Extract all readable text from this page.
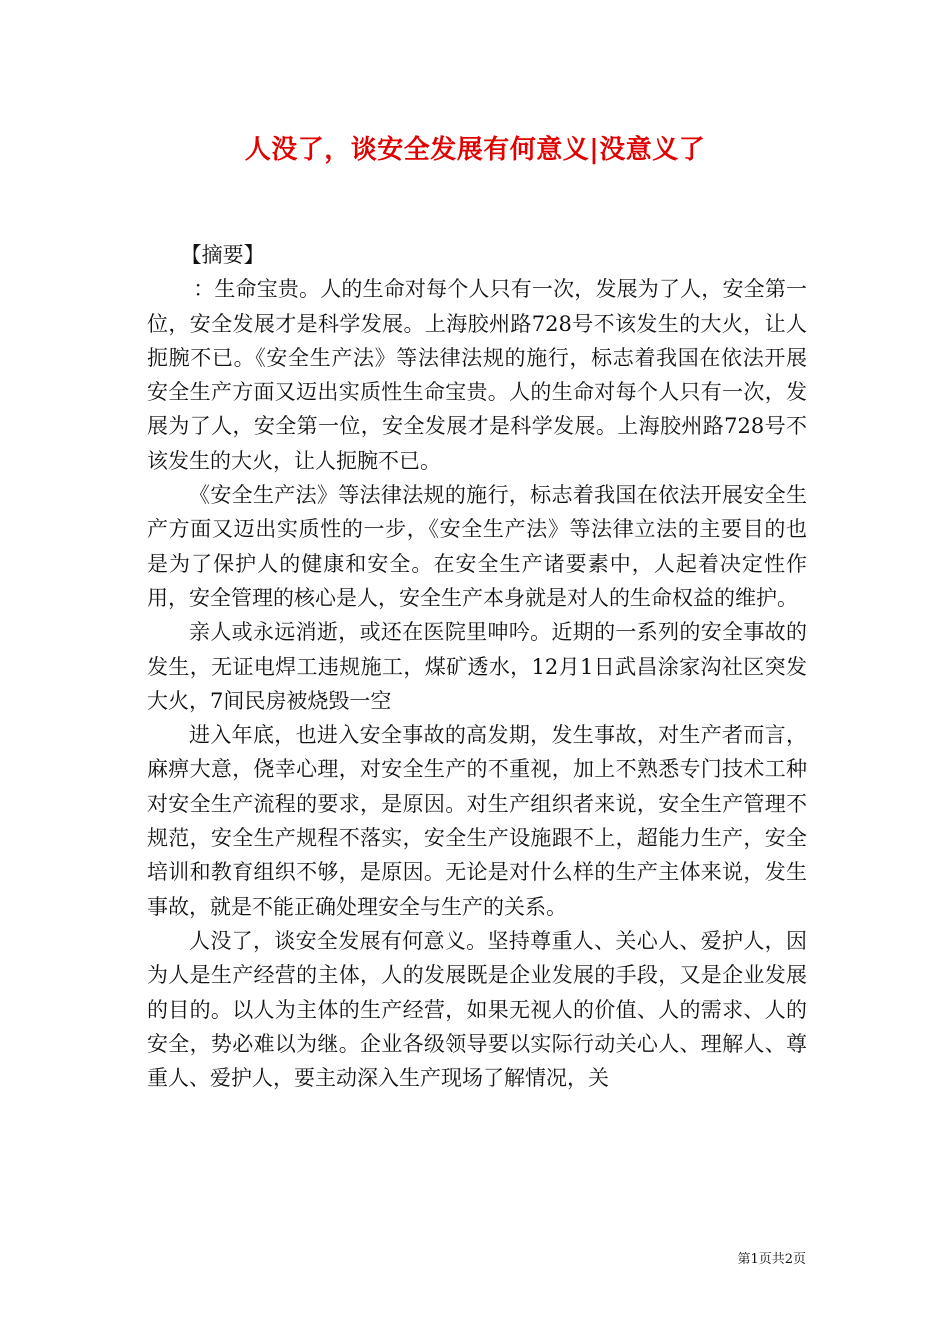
人没了，谈安全发展有何意义|没意义了

【摘要】

：生命宝贵。人的生命对每个人只有一次，发展为了人，安全第一位，安全发展才是科学发展。上海胶州路728号不该发生的大火，让人扼腕不已。《安全生产法》等法律法规的施行，标志着我国在依法开展安全生产方面又迈出实质性生命宝贵。人的生命对每个人只有一次，发展为了人，安全第一位，安全发展才是科学发展。上海胶州路728号不该发生的大火，让人扼腕不已。

《安全生产法》等法律法规的施行，标志着我国在依法开展安全生产方面又迈出实质性的一步，《安全生产法》等法律立法的主要目的也是为了保护人的健康和安全。在安全生产诸要素中，人起着决定性作用，安全管理的核心是人，安全生产本身就是对人的生命权益的维护。

亲人或永远消逝，或还在医院里呻吟。近期的一系列的安全事故的发生，无证电焊工违规施工，煤矿透水，12月1日武昌涂家沟社区突发大火，7间民房被烧毁一空

进入年底，也进入安全事故的高发期，发生事故，对生产者而言，麻痹大意，侥幸心理，对安全生产的不重视，加上不熟悉专门技术工种对安全生产流程的要求，是原因。对生产组织者来说，安全生产管理不规范，安全生产规程不落实，安全生产设施跟不上，超能力生产，安全培训和教育组织不够，是原因。无论是对什么样的生产主体来说，发生事故，就是不能正确处理安全与生产的关系。

人没了，谈安全发展有何意义。坚持尊重人、关心人、爱护人，因为人是生产经营的主体，人的发展既是企业发展的手段，又是企业发展的目的。以人为主体的生产经营，如果无视人的价值、人的需求、人的安全，势必难以为继。企业各级领导要以实际行动关心人、理解人、尊重人、爱护人，要主动深入生产现场了解情况，关

第1页共2页
